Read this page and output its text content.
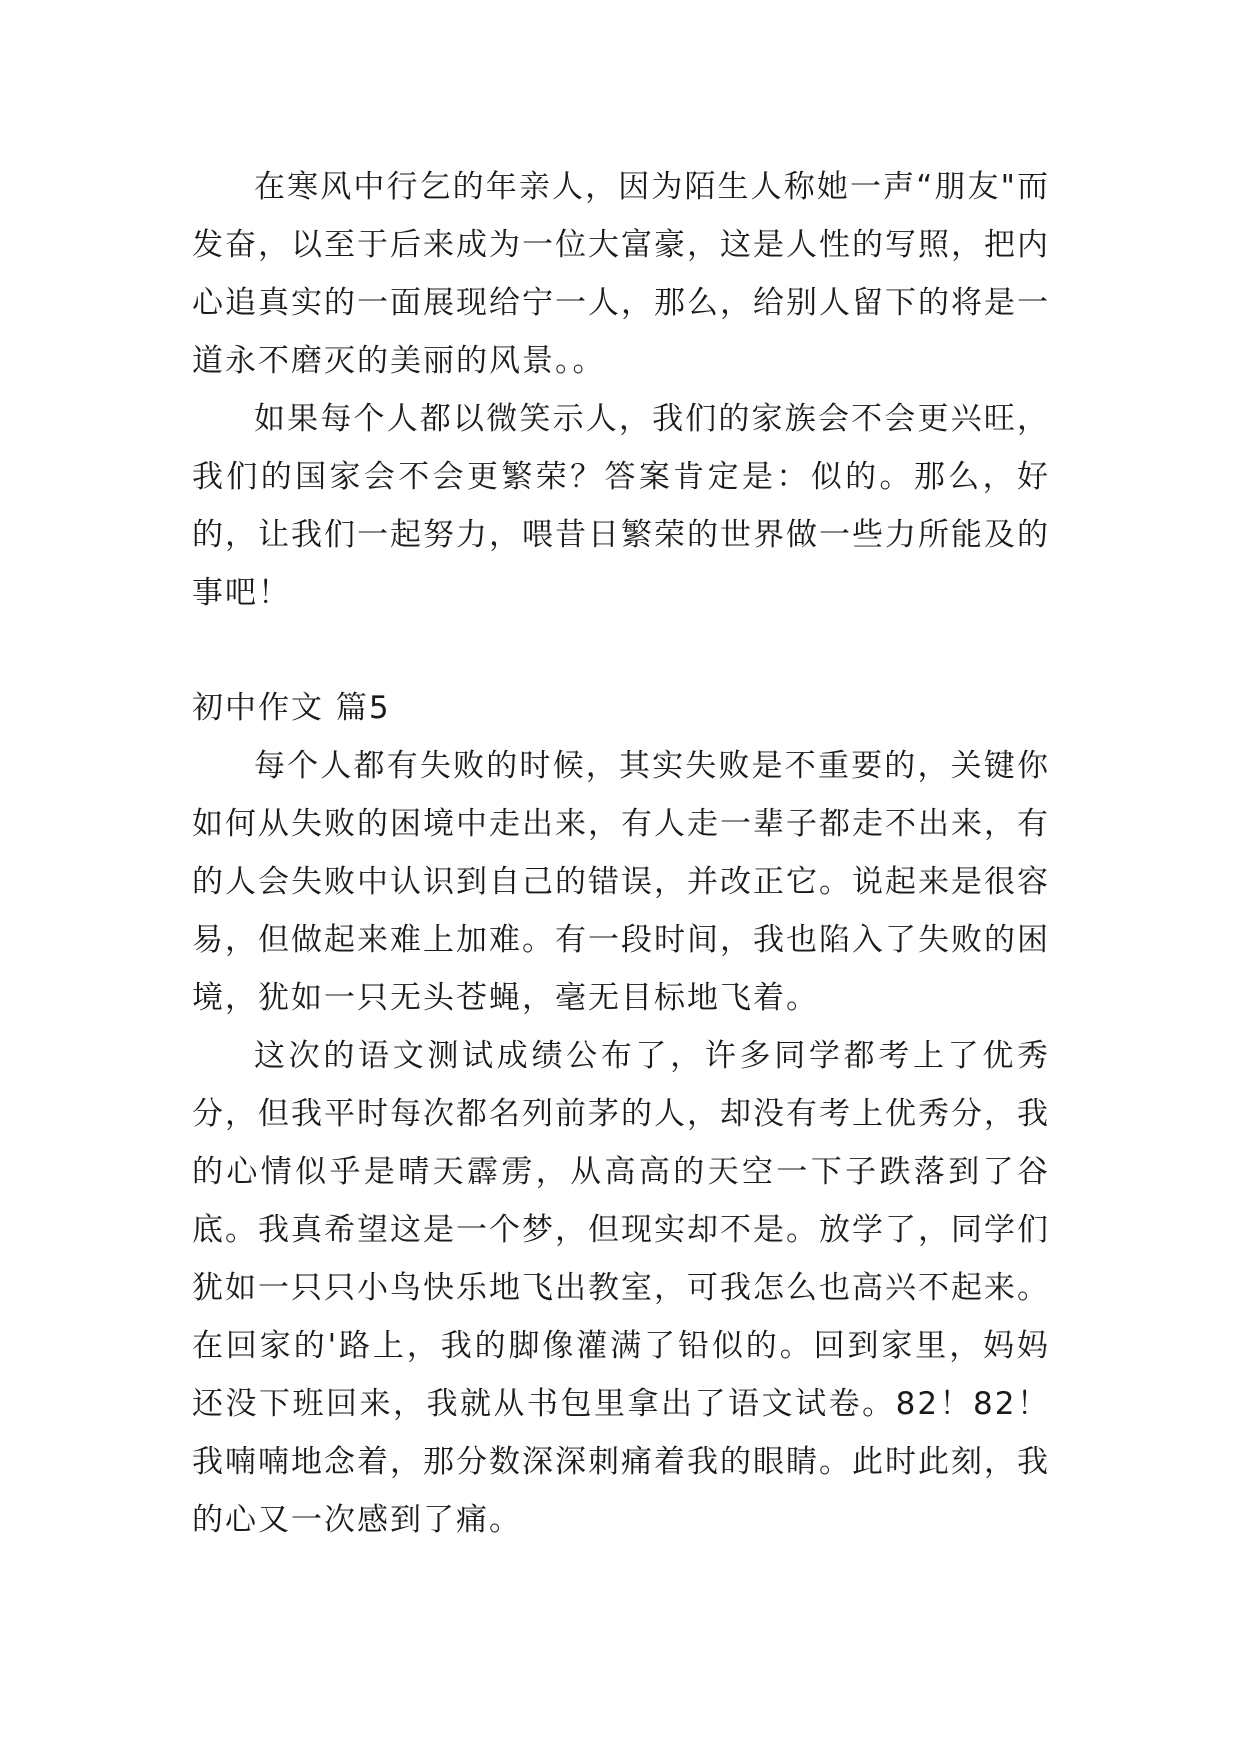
在寒风中行乞的年亲人，因为陌生人称她一声“朋友"而发奋，以至于后来成为一位大富豪，这是人性的写照，把内心追真实的一面展现给宁一人，那么，给别人留下的将是一道永不磨灭的美丽的风景。。

如果每个人都以微笑示人，我们的家族会不会更兴旺，我们的国家会不会更繁荣？答案肯定是：似的。那么，好的，让我们一起努力，喂昔日繁荣的世界做一些力所能及的事吧！

初中作文 篇5

每个人都有失败的时候，其实失败是不重要的，关键你如何从失败的困境中走出来，有人走一辈子都走不出来，有的人会失败中认识到自己的错误，并改正它。说起来是很容易，但做起来难上加难。有一段时间，我也陷入了失败的困境，犹如一只无头苍蝇，毫无目标地飞着。

这次的语文测试成绩公布了，许多同学都考上了优秀分，但我平时每次都名列前茅的人，却没有考上优秀分，我的心情似乎是晴天霹雳，从高高的天空一下子跌落到了谷底。我真希望这是一个梦，但现实却不是。放学了，同学们犹如一只只小鸟快乐地飞出教室，可我怎么也高兴不起来。在回家的'路上，我的脚像灌满了铅似的。回到家里，妈妈还没下班回来，我就从书包里拿出了语文试卷。82！82！我喃喃地念着，那分数深深刺痛着我的眼睛。此时此刻，我的心又一次感到了痛。
